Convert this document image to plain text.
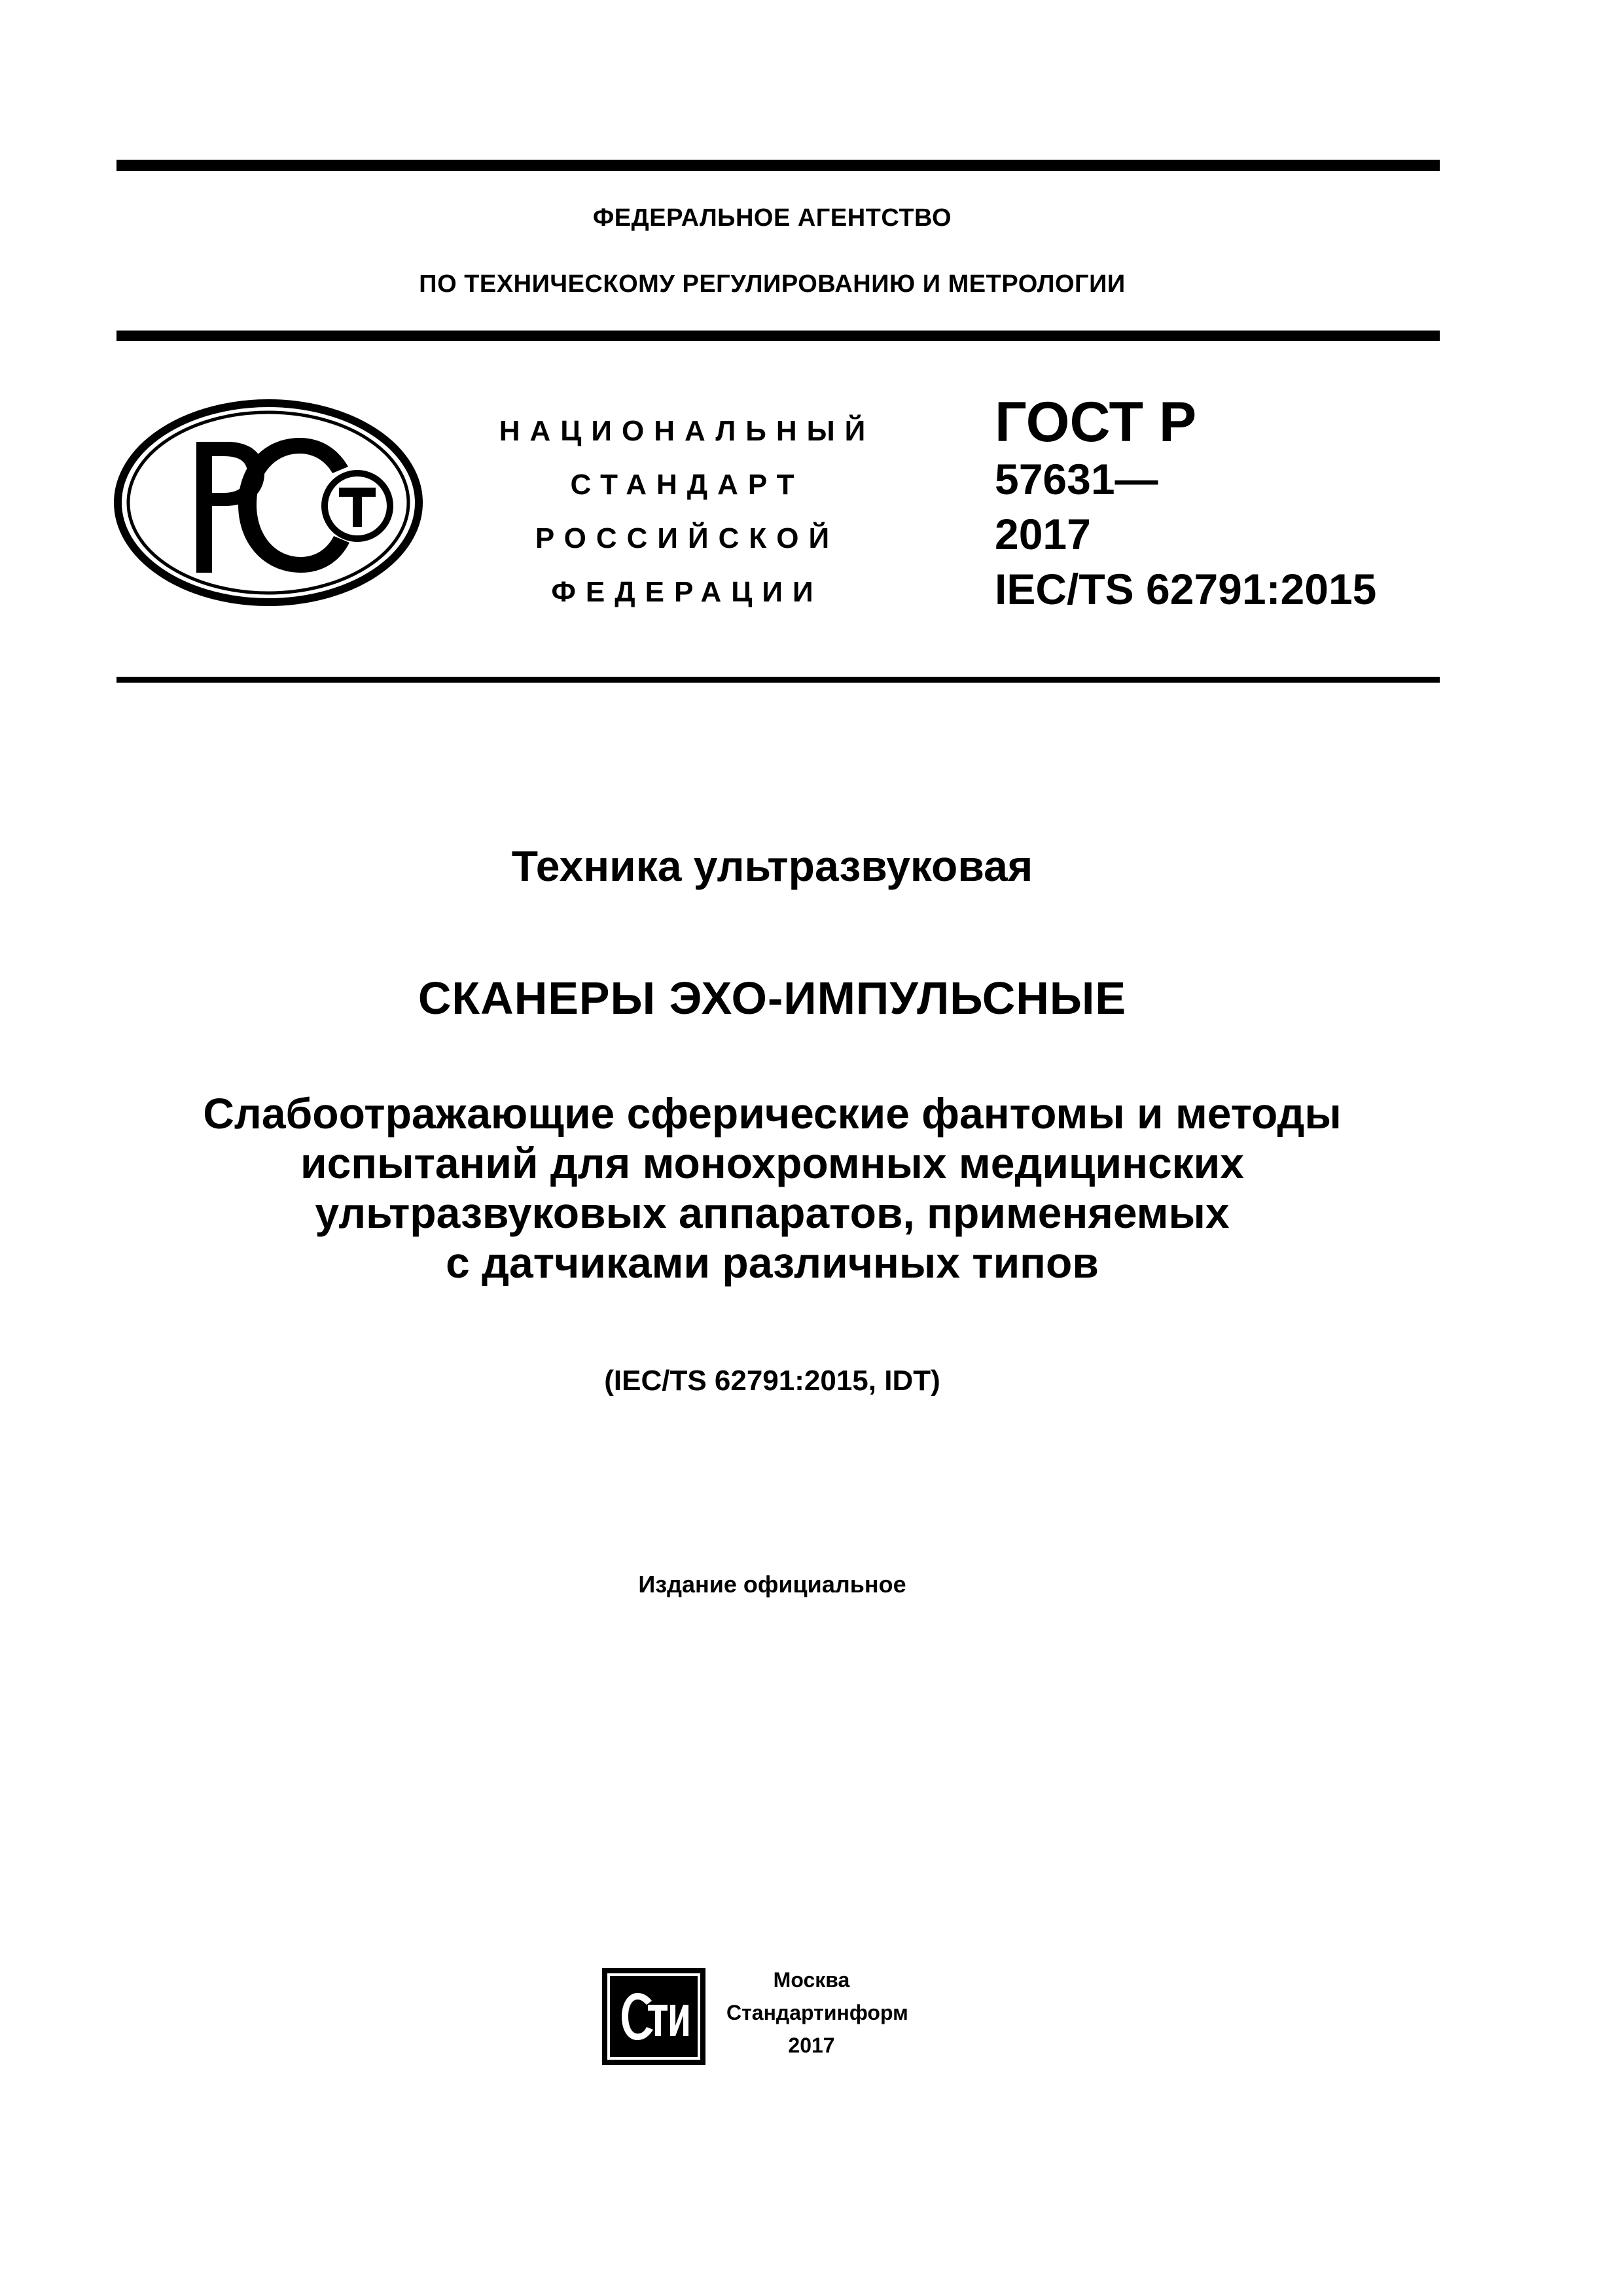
ФЕДЕРАЛЬНОЕ АГЕНТСТВО
ПО ТЕХНИЧЕСКОМУ РЕГУЛИРОВАНИЮ И МЕТРОЛОГИИ
РСТ
НАЦИОНАЛЬНЫЙ
СТАНДАРТ
РОССИЙСКОЙ
ФЕДЕРАЦИИ
ГОСТ Р
57631—
2017
IEC/TS 62791:2015
Техника ультразвуковая
СКАНЕРЫ ЭХО-ИМПУЛЬСНЫЕ
Слабоотражающие сферические фантомы и методы
испытаний для монохромных медицинских
ультразвуковых аппаратов, применяемых
с датчиками различных типов
(IEC/TS 62791:2015, IDT)
Издание официальное
СТИ
Москва
Стандартинформ
2017
